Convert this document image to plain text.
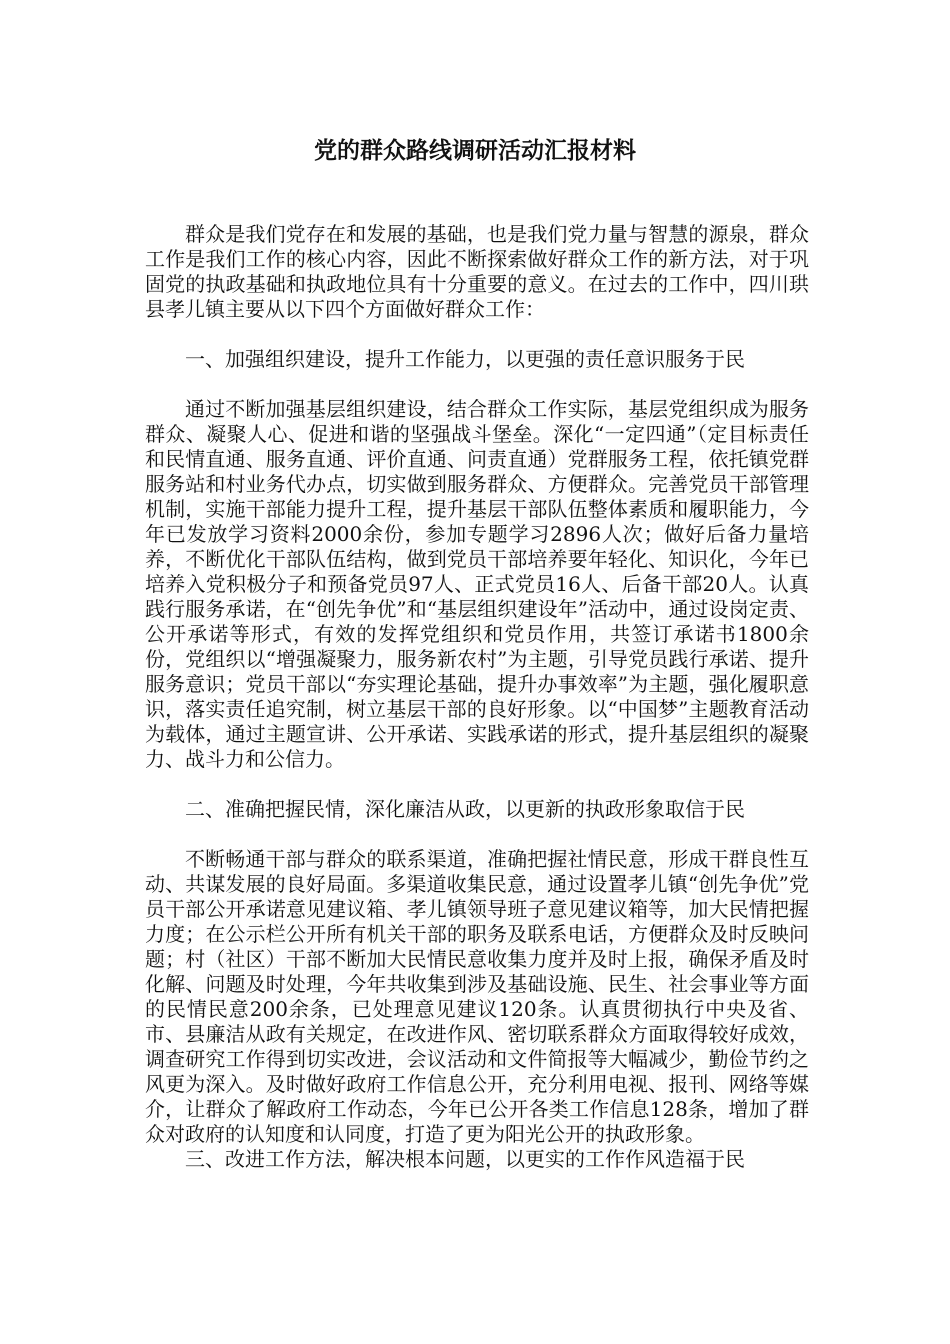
党的群众路线调研活动汇报材料

群众是我们党存在和发展的基础，也是我们党力量与智慧的源泉，群众工作是我们工作的核心内容，因此不断探索做好群众工作的新方法，对于巩固党的执政基础和执政地位具有十分重要的意义。在过去的工作中，四川珙县孝儿镇主要从以下四个方面做好群众工作：

一、加强组织建设，提升工作能力，以更强的责任意识服务于民

通过不断加强基层组织建设，结合群众工作实际，基层党组织成为服务群众、凝聚人心、促进和谐的坚强战斗堡垒。深化“一定四通”（定目标责任和民情直通、服务直通、评价直通、问责直通）党群服务工程，依托镇党群服务站和村业务代办点，切实做到服务群众、方便群众。完善党员干部管理机制，实施干部能力提升工程，提升基层干部队伍整体素质和履职能力，今年已发放学习资料2000余份，参加专题学习2896人次；做好后备力量培养，不断优化干部队伍结构，做到党员干部培养要年轻化、知识化，今年已培养入党积极分子和预备党员97人、正式党员16人、后备干部20人。认真践行服务承诺，在“创先争优”和“基层组织建设年”活动中，通过设岗定责、公开承诺等形式，有效的发挥党组织和党员作用，共签订承诺书1800余份，党组织以“增强凝聚力，服务新农村”为主题，引导党员践行承诺、提升服务意识；党员干部以“夯实理论基础，提升办事效率”为主题，强化履职意识，落实责任追究制，树立基层干部的良好形象。以“中国梦”主题教育活动为载体，通过主题宣讲、公开承诺、实践承诺的形式，提升基层组织的凝聚力、战斗力和公信力。

二、准确把握民情，深化廉洁从政，以更新的执政形象取信于民

不断畅通干部与群众的联系渠道，准确把握社情民意，形成干群良性互动、共谋发展的良好局面。多渠道收集民意，通过设置孝儿镇“创先争优”党员干部公开承诺意见建议箱、孝儿镇领导班子意见建议箱等，加大民情把握力度；在公示栏公开所有机关干部的职务及联系电话，方便群众及时反映问题；村（社区）干部不断加大民情民意收集力度并及时上报，确保矛盾及时化解、问题及时处理，今年共收集到涉及基础设施、民生、社会事业等方面的民情民意200余条，已处理意见建议120条。认真贯彻执行中央及省、市、县廉洁从政有关规定，在改进作风、密切联系群众方面取得较好成效，调查研究工作得到切实改进，会议活动和文件简报等大幅减少，勤俭节约之风更为深入。及时做好政府工作信息公开，充分利用电视、报刊、网络等媒介，让群众了解政府工作动态，今年已公开各类工作信息128条，增加了群众对政府的认知度和认同度，打造了更为阳光公开的执政形象。

三、改进工作方法，解决根本问题，以更实的工作作风造福于民
